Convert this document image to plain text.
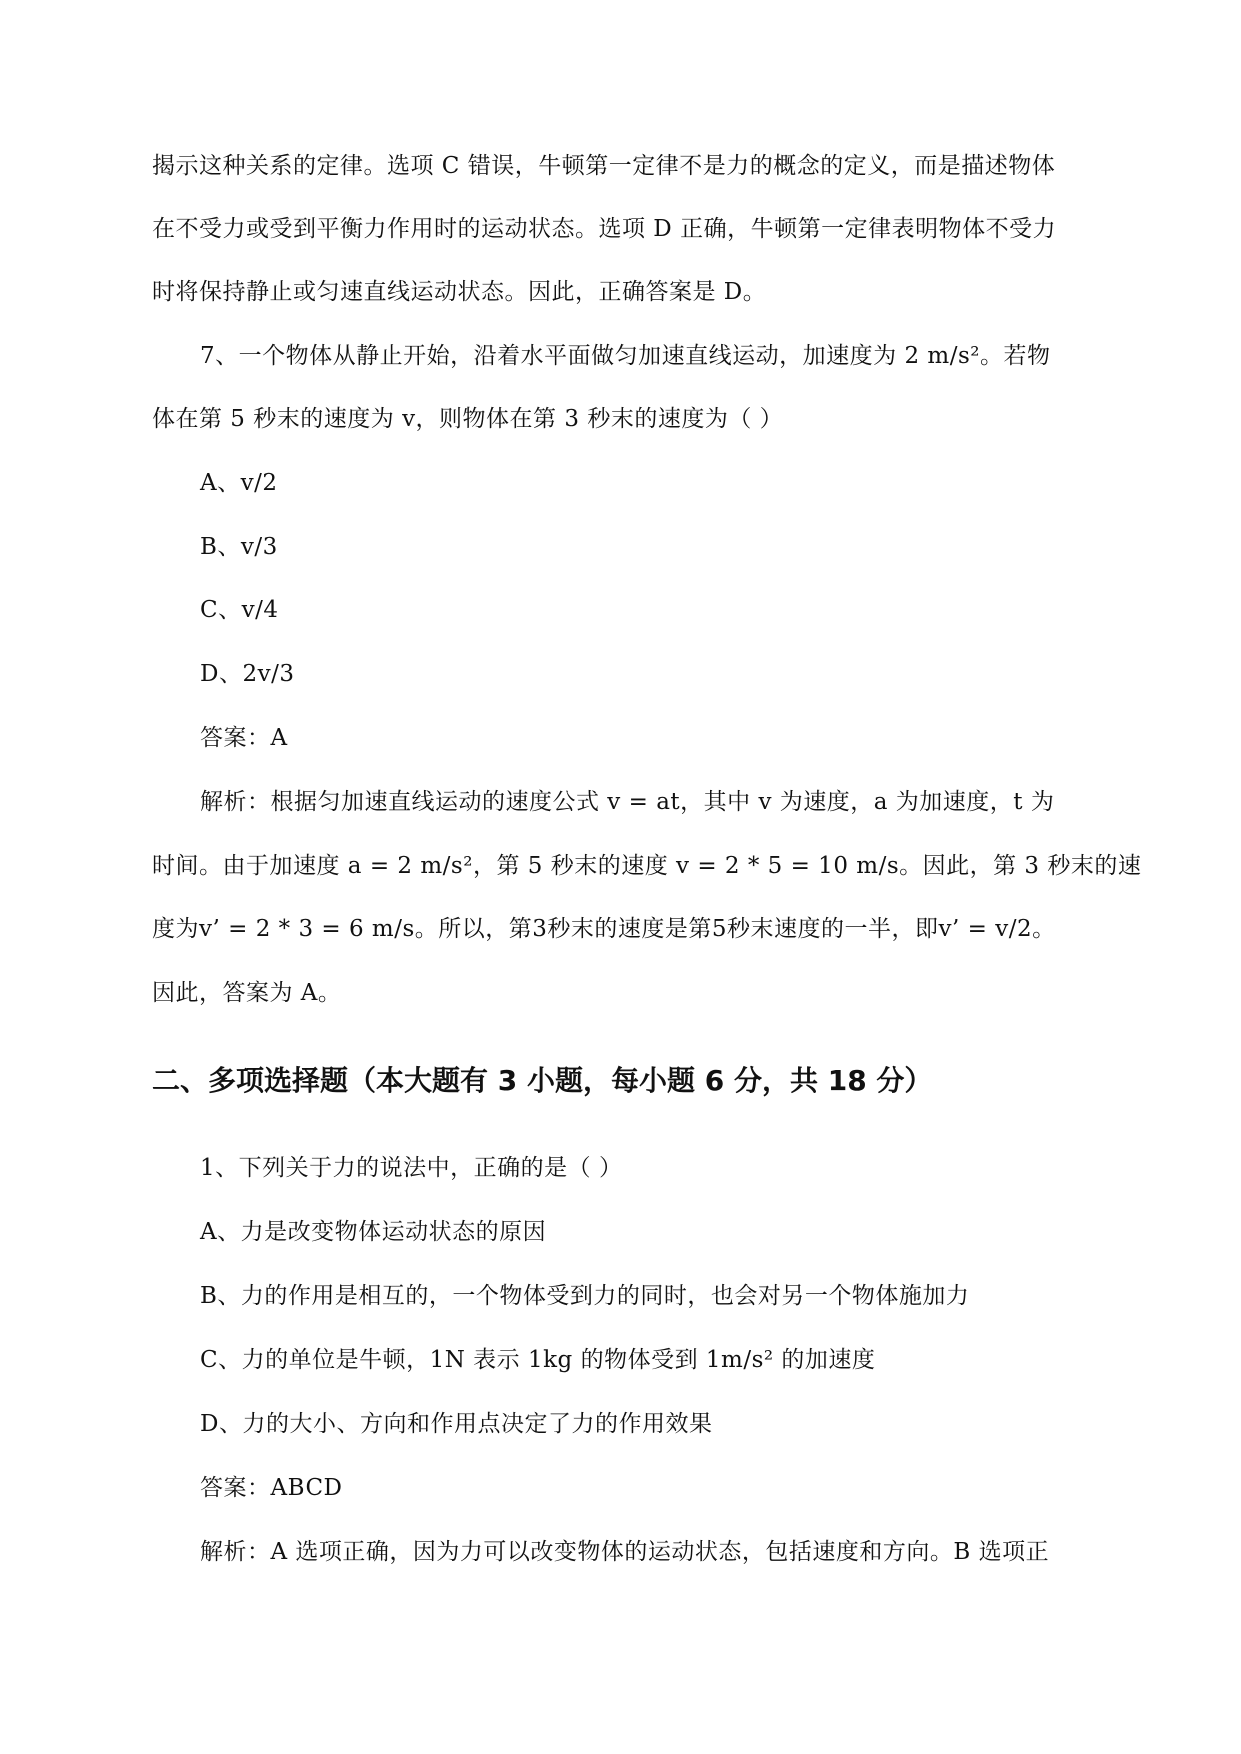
揭示这种关系的定律。选项 C 错误，牛顿第一定律不是力的概念的定义，而是描述物体
在不受力或受到平衡力作用时的运动状态。选项 D 正确，牛顿第一定律表明物体不受力
时将保持静止或匀速直线运动状态。因此，正确答案是 D。
7、一个物体从静止开始，沿着水平面做匀加速直线运动，加速度为 2 m/s²。若物
体在第 5 秒末的速度为 v，则物体在第 3 秒末的速度为（ ）
A、v/2
B、v/3
C、v/4
D、2v/3
答案：A
解析：根据匀加速直线运动的速度公式 v = at，其中 v 为速度，a 为加速度，t 为
时间。由于加速度 a = 2 m/s²，第 5 秒末的速度 v = 2 * 5 = 10 m/s。因此，第 3 秒末的速
度为v’ = 2 * 3 = 6 m/s。所以，第3秒末的速度是第5秒末速度的一半，即v’ = v/2。
因此，答案为 A。
二、多项选择题（本大题有 3 小题，每小题 6 分，共 18 分）
1、下列关于力的说法中，正确的是（ ）
A、力是改变物体运动状态的原因
B、力的作用是相互的，一个物体受到力的同时，也会对另一个物体施加力
C、力的单位是牛顿，1N 表示 1kg 的物体受到 1m/s² 的加速度
D、力的大小、方向和作用点决定了力的作用效果
答案：ABCD
解析：A 选项正确，因为力可以改变物体的运动状态，包括速度和方向。B 选项正
